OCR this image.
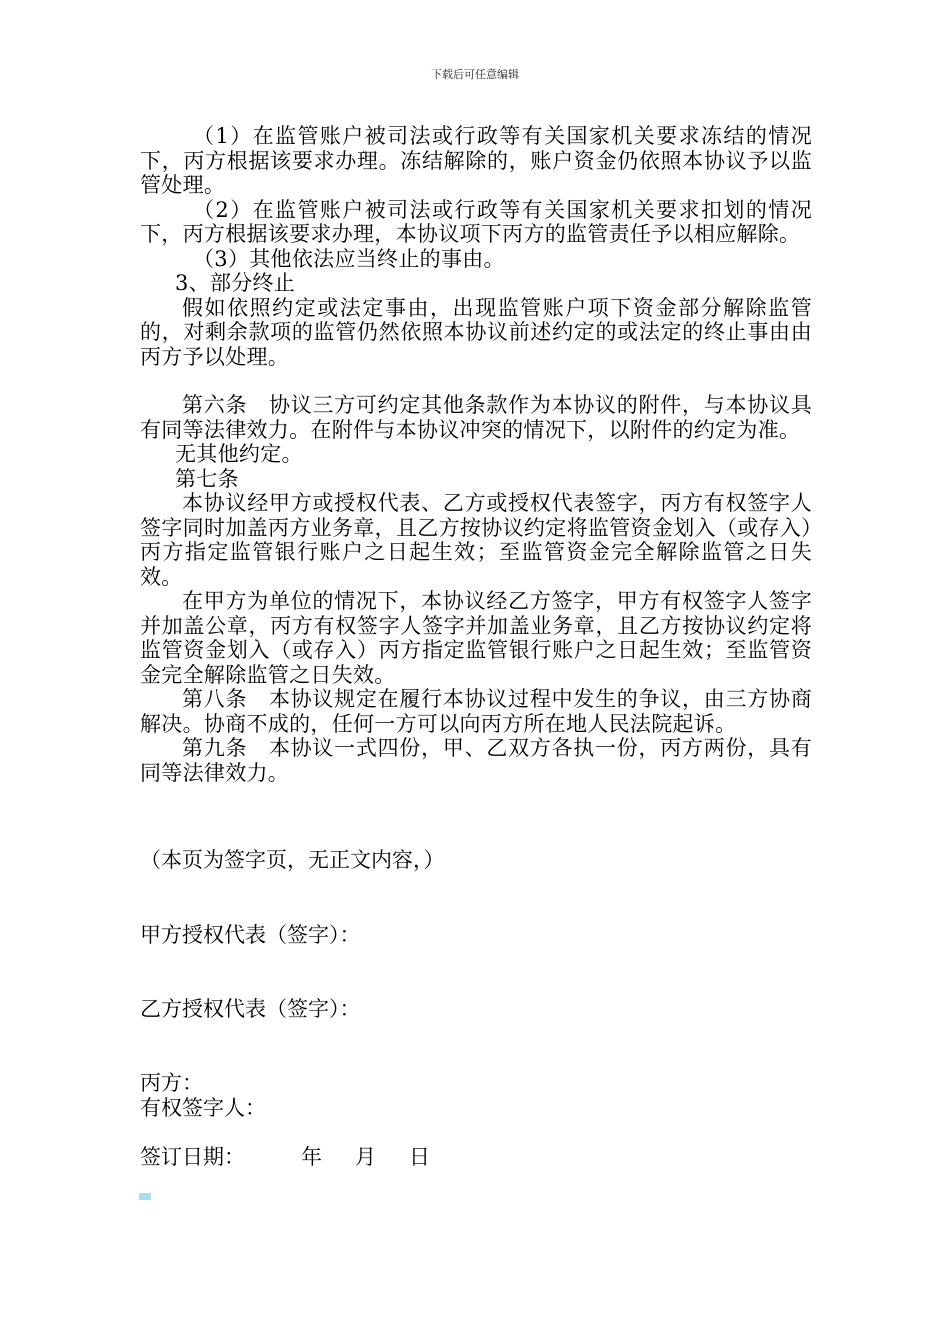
下载后可任意编辑

（1）在监管账户被司法或行政等有关国家机关要求冻结的情况下，丙方根据该要求办理。冻结解除的，账户资金仍依照本协议予以监管处理。

（2）在监管账户被司法或行政等有关国家机关要求扣划的情况下，丙方根据该要求办理，本协议项下丙方的监管责任予以相应解除。

（3）其他依法应当终止的事由。

3、部分终止

假如依照约定或法定事由，出现监管账户项下资金部分解除监管的，对剩余款项的监管仍然依照本协议前述约定的或法定的终止事由由丙方予以处理。

第六条　协议三方可约定其他条款作为本协议的附件，与本协议具有同等法律效力。在附件与本协议冲突的情况下，以附件的约定为准。

无其他约定。

第七条

本协议经甲方或授权代表、乙方或授权代表签字，丙方有权签字人签字同时加盖丙方业务章，且乙方按协议约定将监管资金划入（或存入）丙方指定监管银行账户之日起生效；至监管资金完全解除监管之日失效。

在甲方为单位的情况下，本协议经乙方签字，甲方有权签字人签字并加盖公章，丙方有权签字人签字并加盖业务章，且乙方按协议约定将监管资金划入（或存入）丙方指定监管银行账户之日起生效；至监管资金完全解除监管之日失效。

第八条　本协议规定在履行本协议过程中发生的争议，由三方协商解决。协商不成的，任何一方可以向丙方所在地人民法院起诉。

第九条　本协议一式四份，甲、乙双方各执一份，丙方两份，具有同等法律效力。

（本页为签字页，无正文内容，）
甲方授权代表（签字）：
乙方授权代表（签字）：
丙方：
有权签字人：
签订日期：	年 月 日
